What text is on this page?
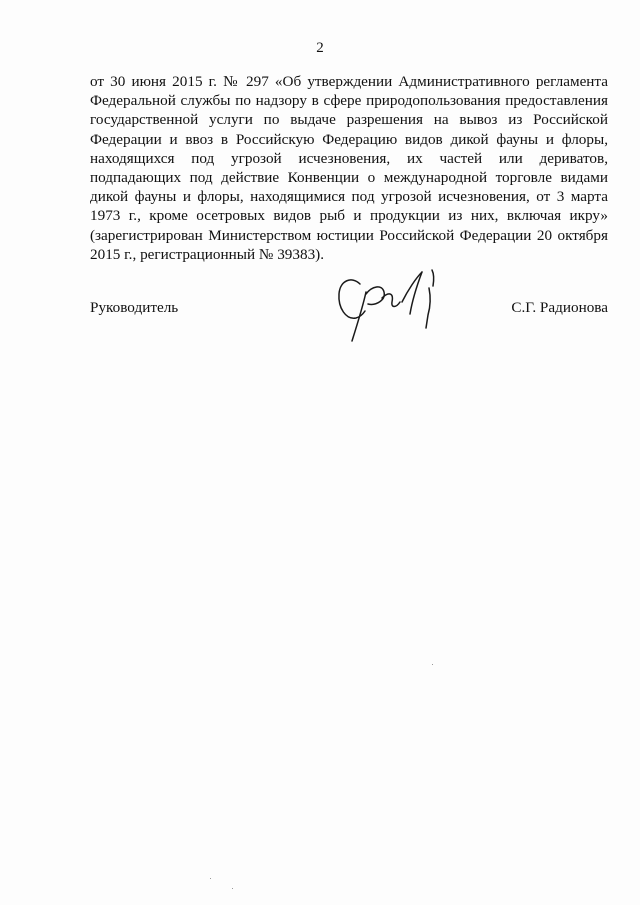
2

от 30 июня 2015 г. № 297 «Об утверждении Административного регламента Федеральной службы по надзору в сфере природопользования предоставления государственной услуги по выдаче разрешения на вывоз из Российской Федерации и ввоз в Российскую Федерацию видов дикой фауны и флоры, находящихся под угрозой исчезновения, их частей или дериватов, подпадающих под действие Конвенции о международной торговле видами дикой фауны и флоры, находящимися под угрозой исчезновения, от 3 марта 1973 г., кроме осетровых видов рыб и продукции из них, включая икру» (зарегистрирован Министерством юстиции Российской Федерации 20 октября 2015 г., регистрационный № 39383).

Руководитель	С.Г. Радионова
